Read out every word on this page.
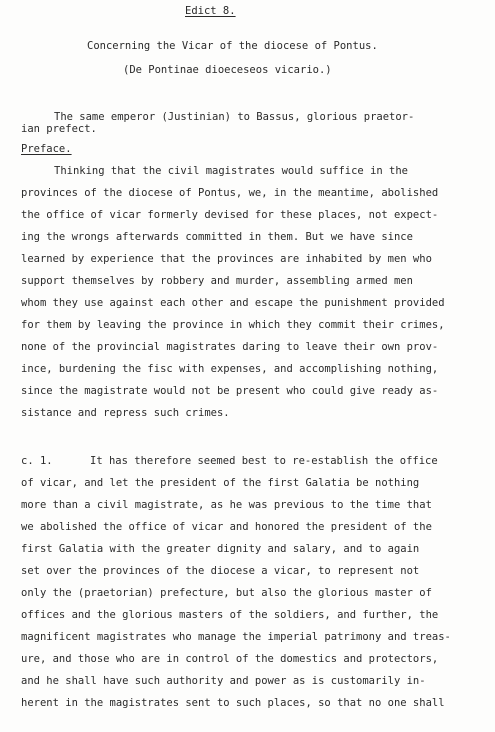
Edict 8.
Concerning the Vicar of the diocese of Pontus.
(De Pontinae dioeceseos vicario.)
The same emperor (Justinian) to Bassus, glorious praetor-
ian prefect.
Preface.
Thinking that the civil magistrates would suffice in the
provinces of the diocese of Pontus, we, in the meantime, abolished
the office of vicar formerly devised for these places, not expect-
ing the wrongs afterwards committed in them. But we have since
learned by experience that the provinces are inhabited by men who
support themselves by robbery and murder, assembling armed men
whom they use against each other and escape the punishment provided
for them by leaving the province in which they commit their crimes,
none of the provincial magistrates daring to leave their own prov-
ince, burdening the fisc with expenses, and accomplishing nothing,
since the magistrate would not be present who could give ready as-
sistance and repress such crimes.
c. 1.	It has therefore seemed best to re-establish the office
of vicar, and let the president of the first Galatia be nothing
more than a civil magistrate, as he was previous to the time that
we abolished the office of vicar and honored the president of the
first Galatia with the greater dignity and salary, and to again
set over the provinces of the diocese a vicar, to represent not
only the (praetorian) prefecture, but also the glorious master of
offices and the glorious masters of the soldiers, and further, the
magnificent magistrates who manage the imperial patrimony and treas-
ure, and those who are in control of the domestics and protectors,
and he shall have such authority and power as is customarily in-
herent in the magistrates sent to such places, so that no one shall
